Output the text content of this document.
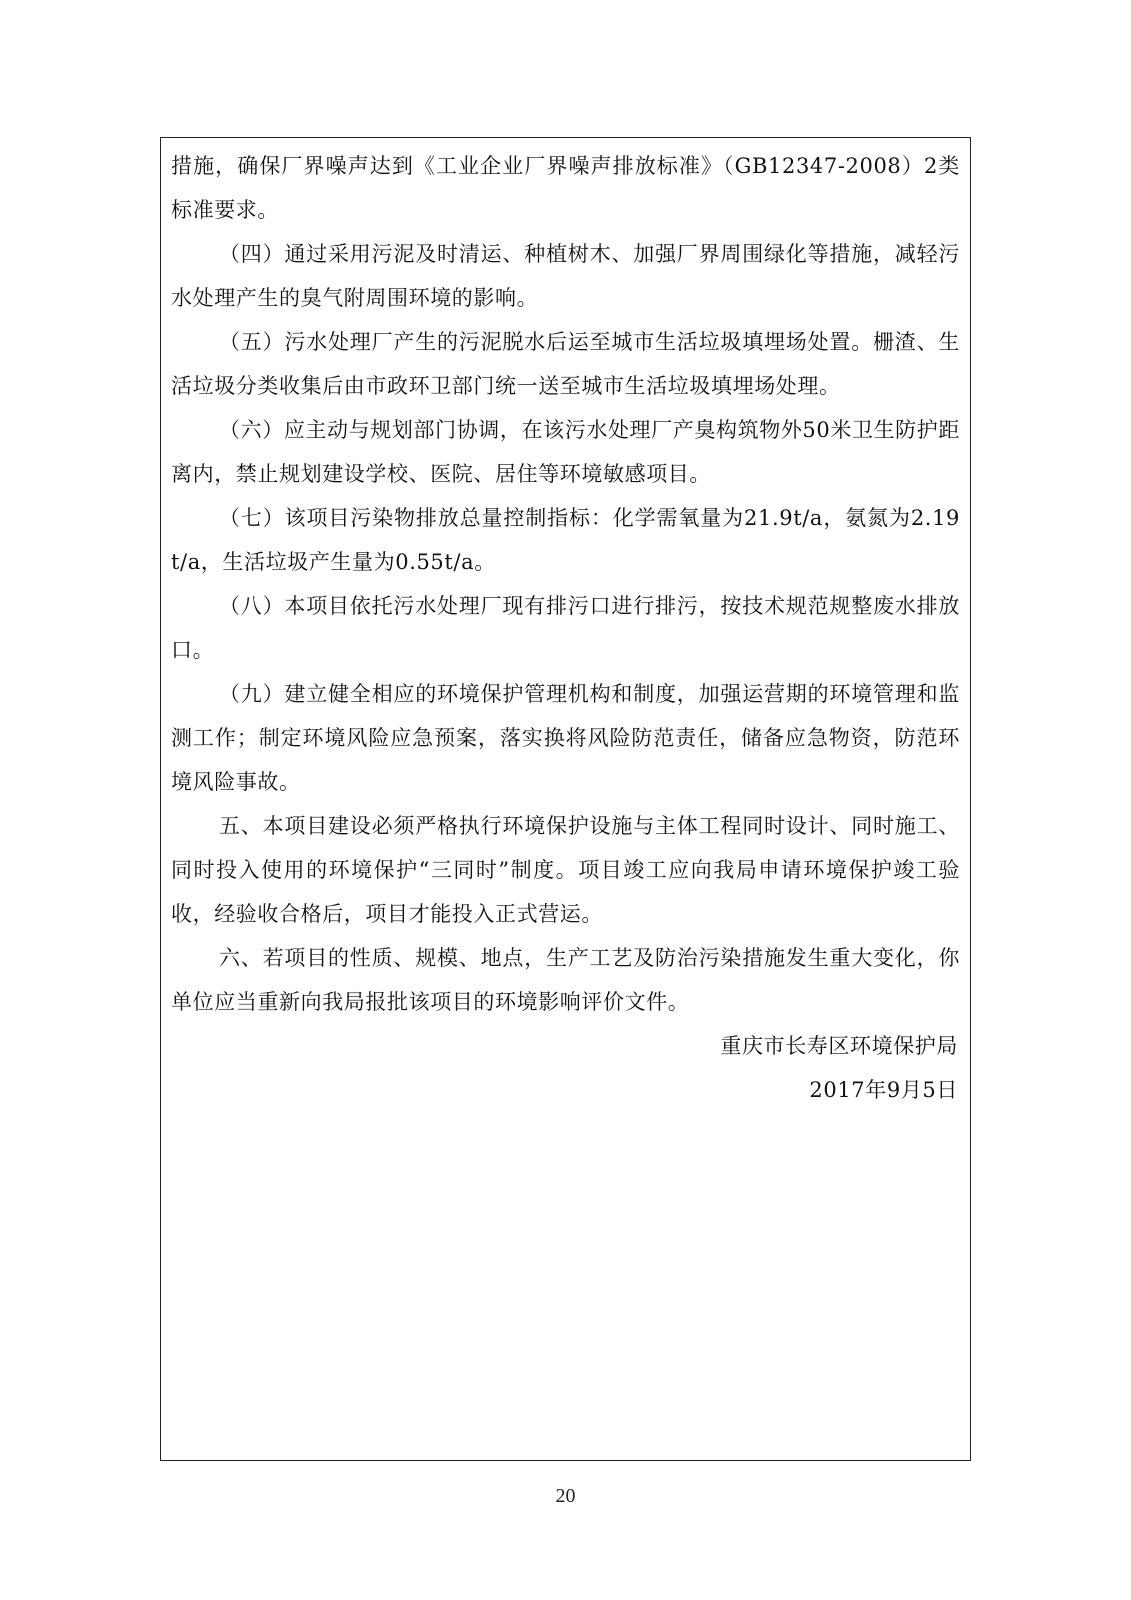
措施，确保厂界噪声达到《工业企业厂界噪声排放标准》（GB12347-2008）2类标准要求。

（四）通过采用污泥及时清运、种植树木、加强厂界周围绿化等措施，减轻污水处理产生的臭气附周围环境的影响。

（五）污水处理厂产生的污泥脱水后运至城市生活垃圾填埋场处置。栅渣、生活垃圾分类收集后由市政环卫部门统一送至城市生活垃圾填埋场处理。

（六）应主动与规划部门协调，在该污水处理厂产臭构筑物外50米卫生防护距离内，禁止规划建设学校、医院、居住等环境敏感项目。

（七）该项目污染物排放总量控制指标：化学需氧量为21.9t/a，氨氮为2.19t/a，生活垃圾产生量为0.55t/a。

（八）本项目依托污水处理厂现有排污口进行排污，按技术规范规整废水排放口。

（九）建立健全相应的环境保护管理机构和制度，加强运营期的环境管理和监测工作；制定环境风险应急预案，落实换将风险防范责任，储备应急物资，防范环境风险事故。

五、本项目建设必须严格执行环境保护设施与主体工程同时设计、同时施工、同时投入使用的环境保护“三同时”制度。项目竣工应向我局申请环境保护竣工验收，经验收合格后，项目才能投入正式营运。

六、若项目的性质、规模、地点，生产工艺及防治污染措施发生重大变化，你单位应当重新向我局报批该项目的环境影响评价文件。

重庆市长寿区环境保护局

2017年9月5日

20
